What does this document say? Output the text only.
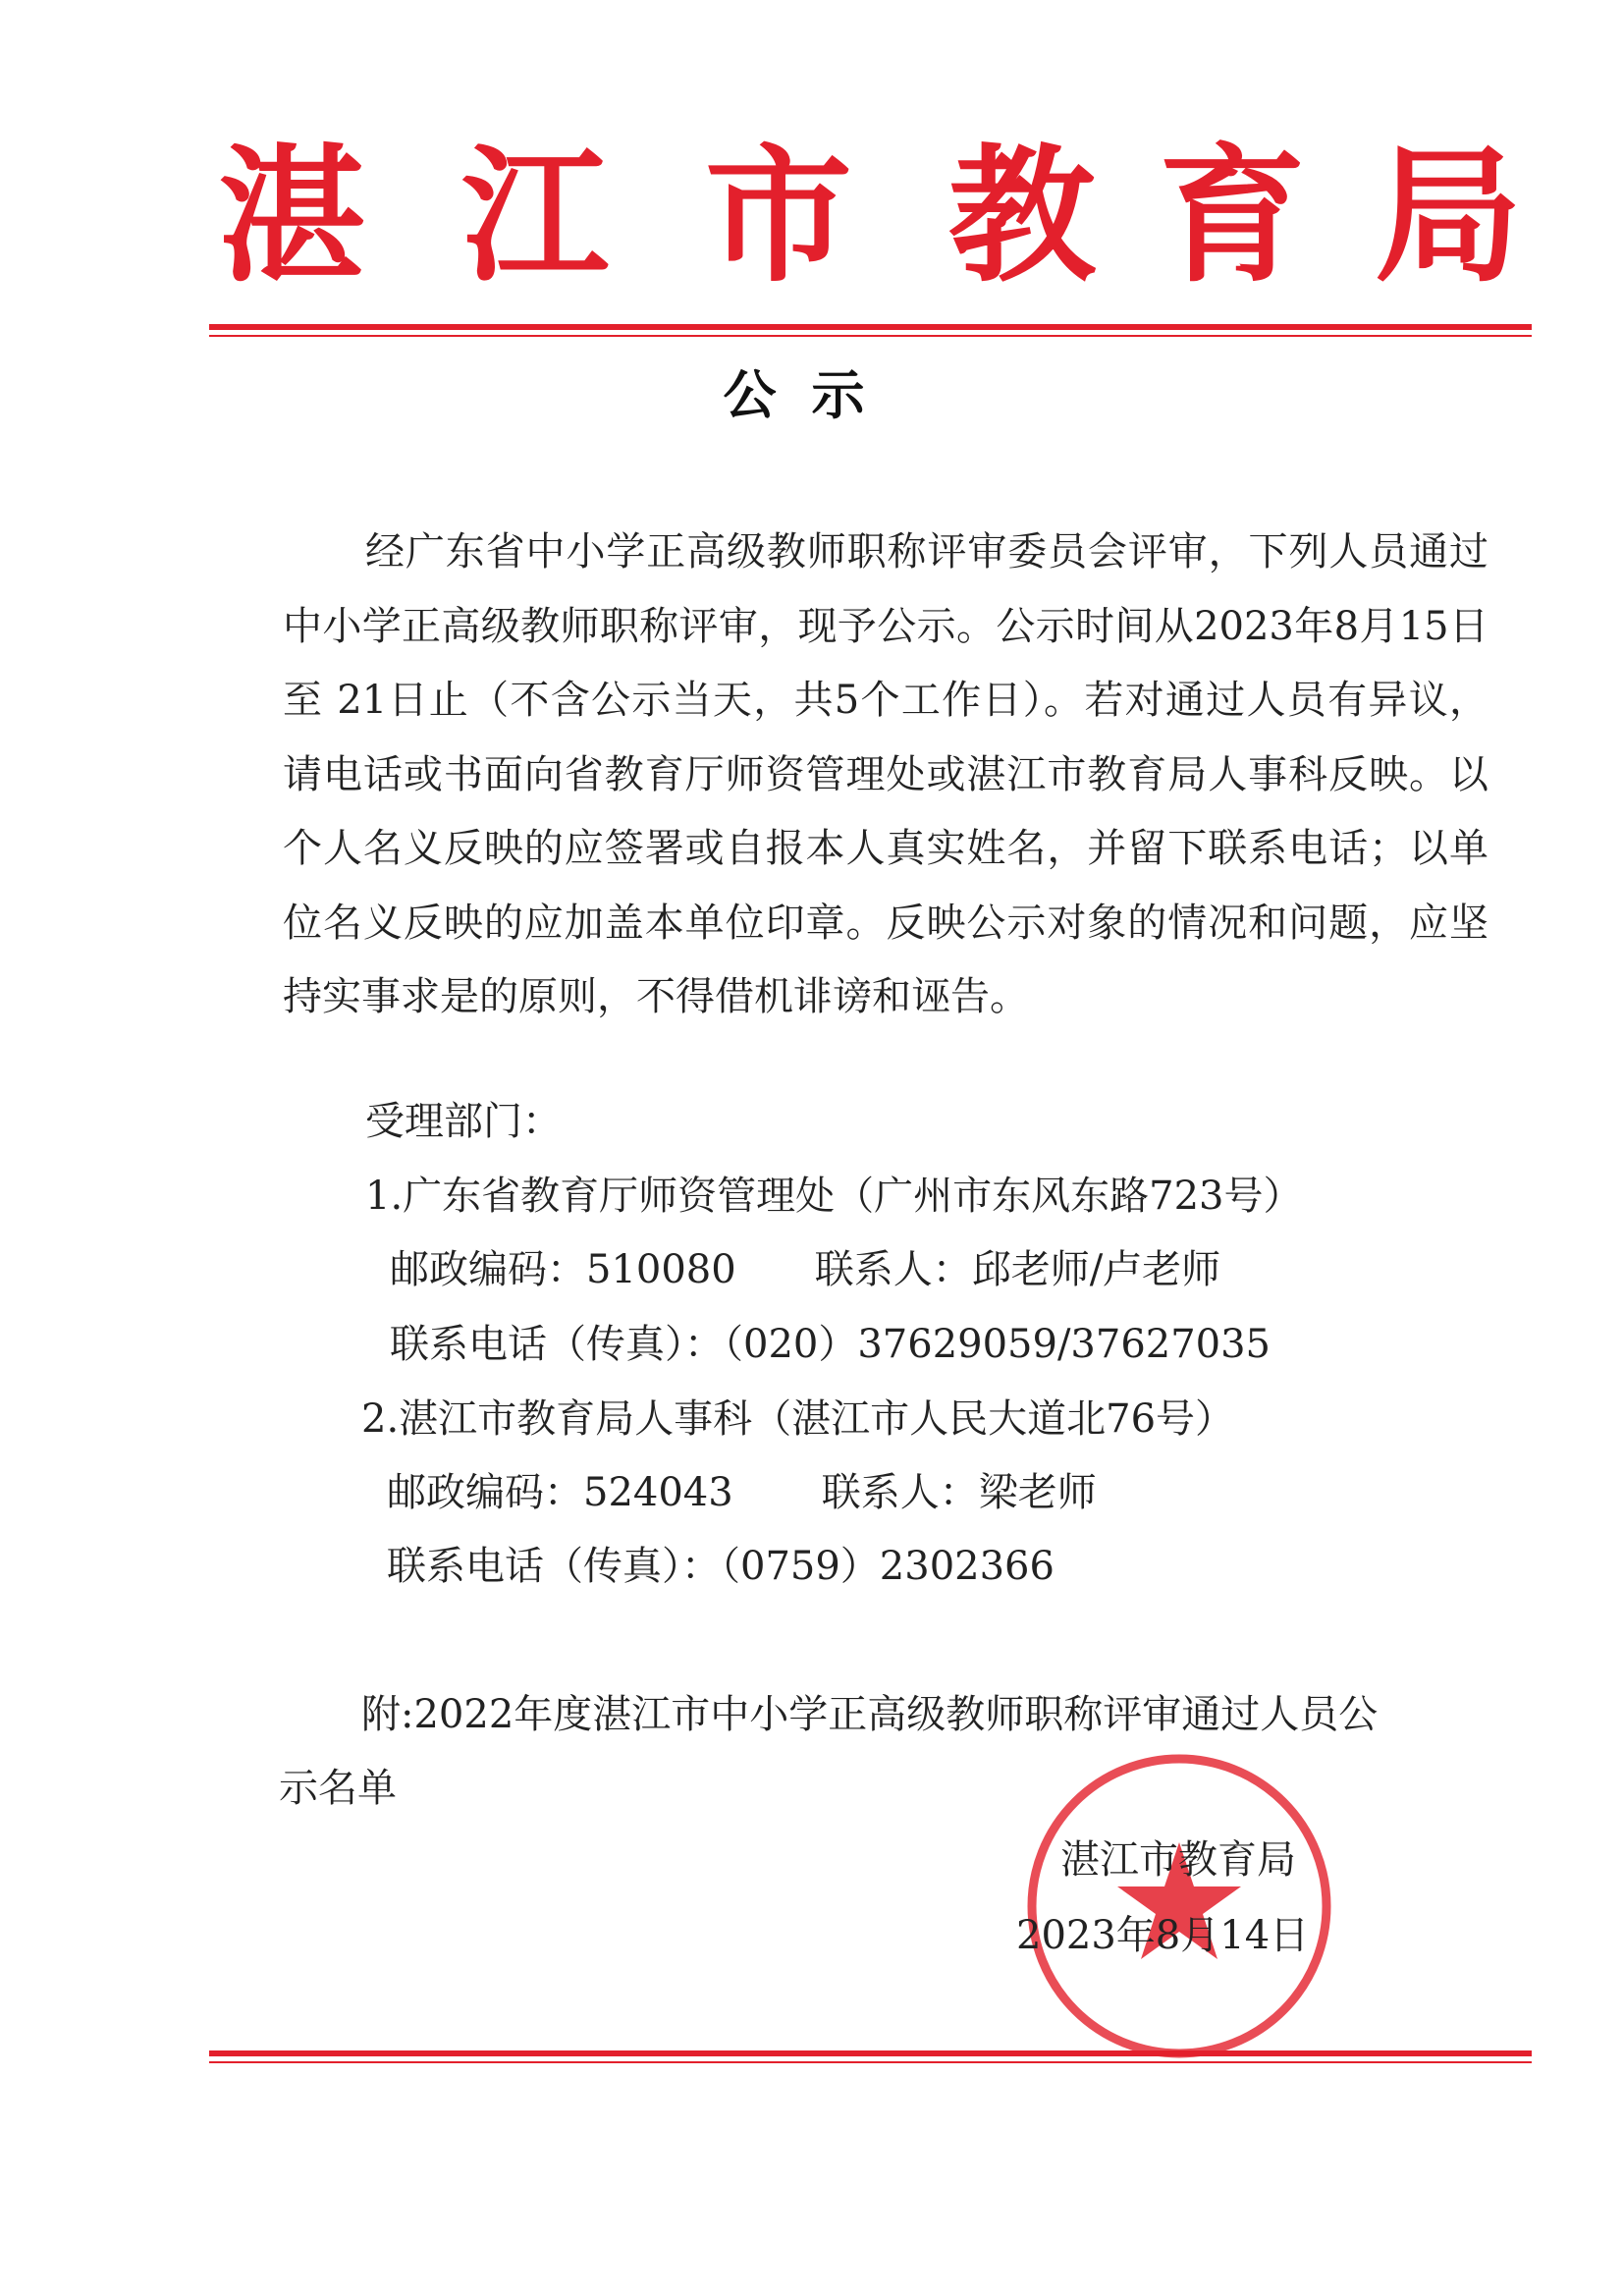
湛 江 市 教 育 局
公示

经广东省中小学正高级教师职称评审委员会评审，下列人员通过中小学正高级教师职称评审，现予公示。公示时间从2023年8月15日至 21日止（不含公示当天，共5个工作日）。若对通过人员有异议，请电话或书面向省教育厅师资管理处或湛江市教育局人事科反映。以个人名义反映的应签署或自报本人真实姓名，并留下联系电话；以单位名义反映的应加盖本单位印章。反映公示对象的情况和问题，应坚持实事求是的原则，不得借机诽谤和诬告。

受理部门：

1.广东省教育厅师资管理处（广州市东风东路723号）

邮政编码：510080 联系人：邱老师/卢老师

联系电话（传真）：（020）37629059/37627035

2.湛江市教育局人事科（湛江市人民大道北76号）

邮政编码：524043 联系人：梁老师

联系电话（传真）：（0759）2302366

附:2022年度湛江市中小学正高级教师职称评审通过人员公

示名单

湛江市教育局
2023年8月14日
